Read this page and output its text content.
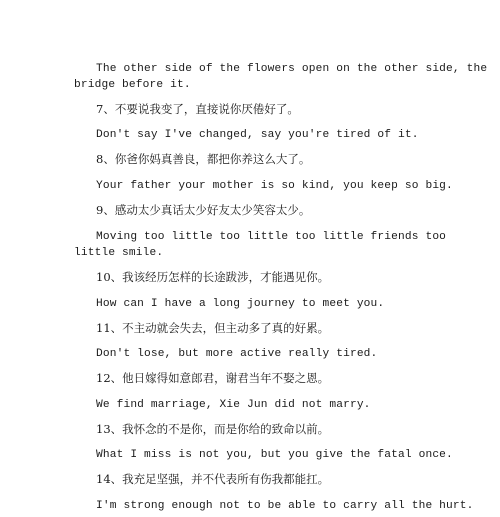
The other side of the flowers open on the other side, the
bridge before it.
7、不要说我变了，直接说你厌倦好了。
Don't say I've changed, say you're tired of it.
8、你爸你妈真善良，都把你养这么大了。
Your father your mother is so kind, you keep so big.
9、感动太少真话太少好友太少笑容太少。
Moving too little too little too little friends too
little smile.
10、我该经历怎样的长途跋涉，才能遇见你。
How can I have a long journey to meet you.
11、不主动就会失去，但主动多了真的好累。
Don't lose, but more active really tired.
12、他日嫁得如意郎君，谢君当年不娶之恩。
We find marriage, Xie Jun did not marry.
13、我怀念的不是你，而是你给的致命以前。
What I miss is not you, but you give the fatal once.
14、我充足坚强，并不代表所有伤我都能扛。
I'm strong enough not to be able to carry all the hurt.
